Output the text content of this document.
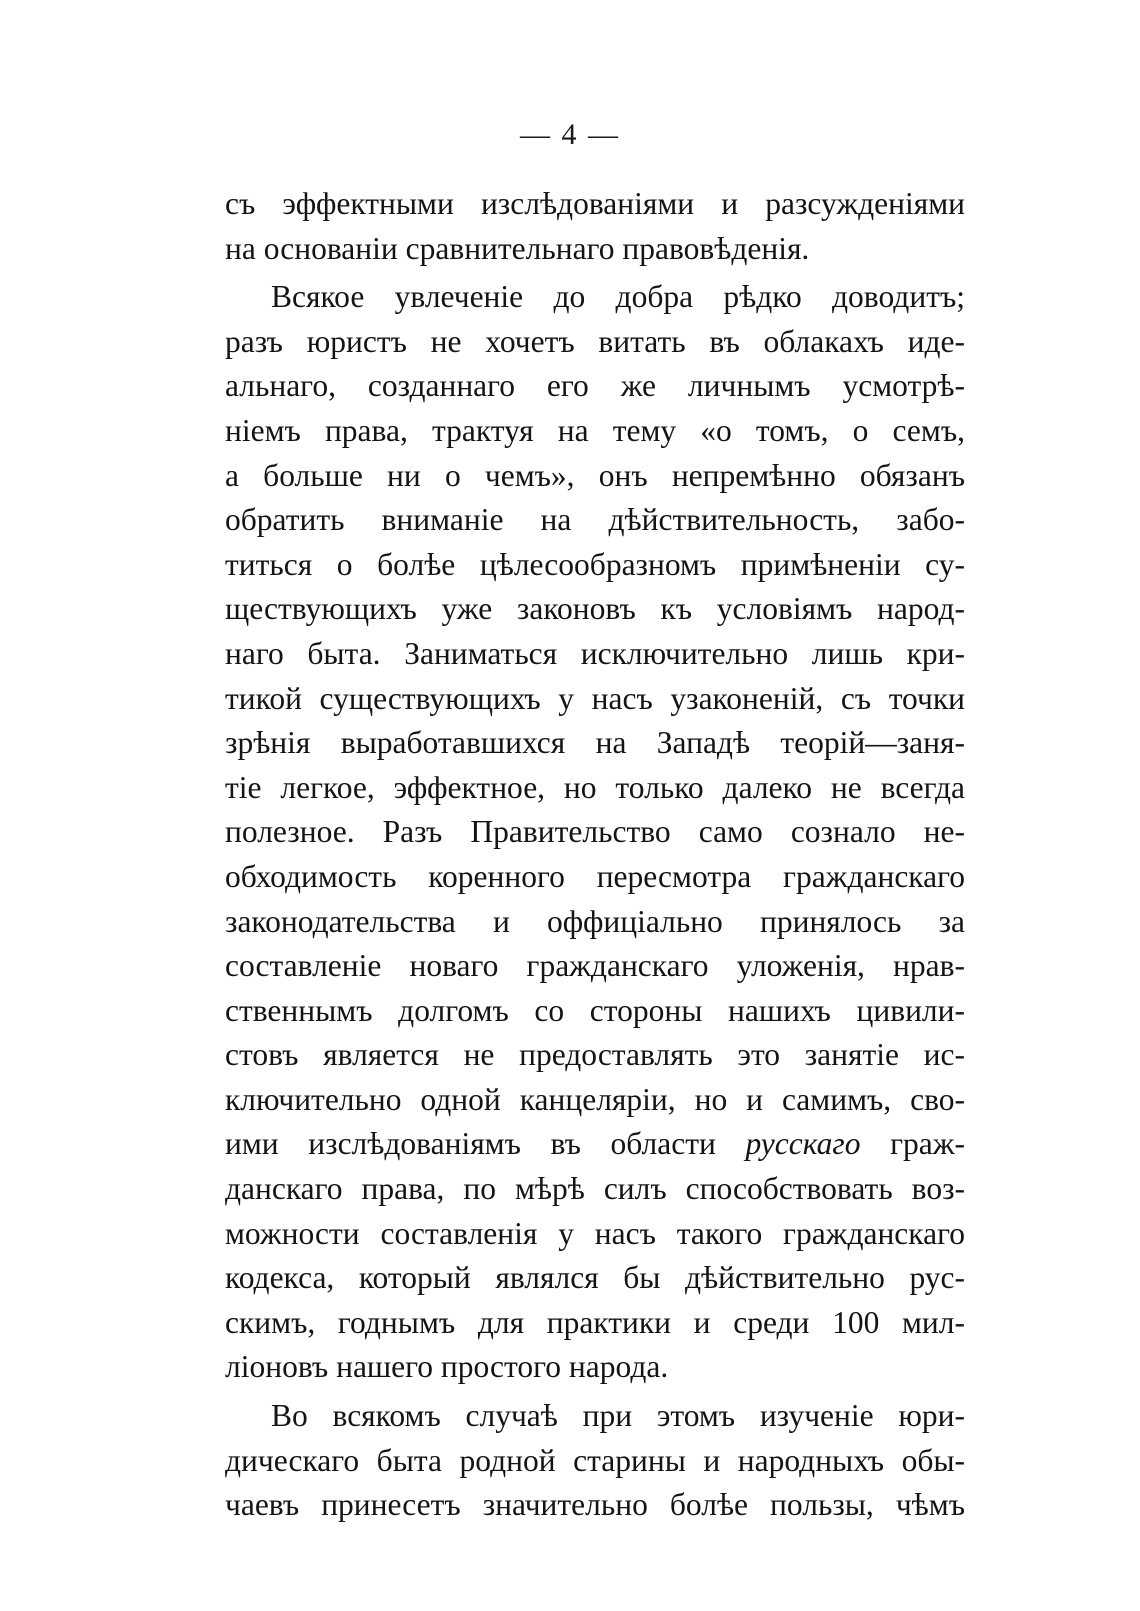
— 4 —
съ эффектными изслѣдованіями и разсужденіями
на основаніи сравнительнаго правовѣденія.
Всякое увлеченіе до добра рѣдко доводитъ;
разъ юристъ не хочетъ витать въ облакахъ иде-
альнаго, созданнаго его же личнымъ усмотрѣ-
ніемъ права, трактуя на тему «о томъ, о семъ,
а больше ни о чемъ», онъ непремѣнно обязанъ
обратить вниманіе на дѣйствительность, забо-
титься о болѣе цѣлесообразномъ примѣненіи су-
ществующихъ уже законовъ къ условіямъ народ-
наго быта. Заниматься исключительно лишь кри-
тикой существующихъ у насъ узаконеній, съ точки
зрѣнія выработавшихся на Западѣ теорій—заня-
тіе легкое, эффектное, но только далеко не всегда
полезное. Разъ Правительство само сознало не-
обходимость коренного пересмотра гражданскаго
законодательства и оффиціально принялось за
составленіе новаго гражданскаго уложенія, нрав-
ственнымъ долгомъ со стороны нашихъ цивили-
стовъ является не предоставлять это занятіе ис-
ключительно одной канцеляріи, но и самимъ, сво-
ими изслѣдованіямъ въ области русскаго граж-
данскаго права, по мѣрѣ силъ способствовать воз-
можности составленія у насъ такого гражданскаго
кодекса, который являлся бы дѣйствительно рус-
скимъ, годнымъ для практики и среди 100 мил-
ліоновъ нашего простого народа.
Во всякомъ случаѣ при этомъ изученіе юри-
дическаго быта родной старины и народныхъ обы-
чаевъ принесетъ значительно болѣе пользы, чѣмъ
